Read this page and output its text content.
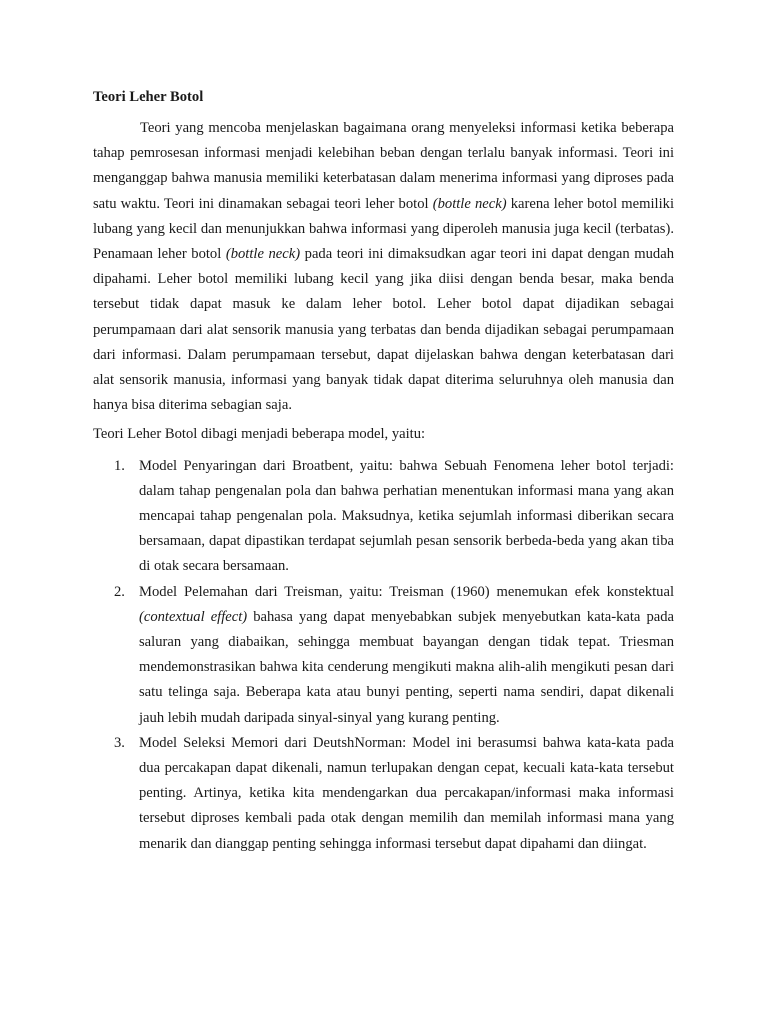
Teori Leher Botol

Teori yang mencoba menjelaskan bagaimana orang menyeleksi informasi ketika beberapa tahap pemrosesan informasi menjadi kelebihan beban dengan terlalu banyak informasi. Teori ini menganggap bahwa manusia memiliki keterbatasan dalam menerima informasi yang diproses pada satu waktu. Teori ini dinamakan sebagai teori leher botol (bottle neck) karena leher botol memiliki lubang yang kecil dan menunjukkan bahwa informasi yang diperoleh manusia juga kecil (terbatas). Penamaan leher botol (bottle neck) pada teori ini dimaksudkan agar teori ini dapat dengan mudah dipahami. Leher botol memiliki lubang kecil yang jika diisi dengan benda besar, maka benda tersebut tidak dapat masuk ke dalam leher botol. Leher botol dapat dijadikan sebagai perumpamaan dari alat sensorik manusia yang terbatas dan benda dijadikan sebagai perumpamaan dari informasi. Dalam perumpamaan tersebut, dapat dijelaskan bahwa dengan keterbatasan dari alat sensorik manusia, informasi yang banyak tidak dapat diterima seluruhnya oleh manusia dan hanya bisa diterima sebagian saja.

Teori Leher Botol dibagi menjadi beberapa model, yaitu:

1. Model Penyaringan dari Broatbent, yaitu: bahwa Sebuah Fenomena leher botol terjadi: dalam tahap pengenalan pola dan bahwa perhatian menentukan informasi mana yang akan mencapai tahap pengenalan pola. Maksudnya, ketika sejumlah informasi diberikan secara bersamaan, dapat dipastikan terdapat sejumlah pesan sensorik berbeda-beda yang akan tiba di otak secara bersamaan.
2. Model Pelemahan dari Treisman, yaitu: Treisman (1960) menemukan efek konstektual (contextual effect) bahasa yang dapat menyebabkan subjek menyebutkan kata-kata pada saluran yang diabaikan, sehingga membuat bayangan dengan tidak tepat. Triesman mendemonstrasikan bahwa kita cenderung mengikuti makna alih-alih mengikuti pesan dari satu telinga saja. Beberapa kata atau bunyi penting, seperti nama sendiri, dapat dikenali jauh lebih mudah daripada sinyal-sinyal yang kurang penting.
3. Model Seleksi Memori dari DeutshNorman: Model ini berasumsi bahwa kata-kata pada dua percakapan dapat dikenali, namun terlupakan dengan cepat, kecuali kata-kata tersebut penting. Artinya, ketika kita mendengarkan dua percakapan/informasi maka informasi tersebut diproses kembali pada otak dengan memilih dan memilah informasi mana yang menarik dan dianggap penting sehingga informasi tersebut dapat dipahami dan diingat.
